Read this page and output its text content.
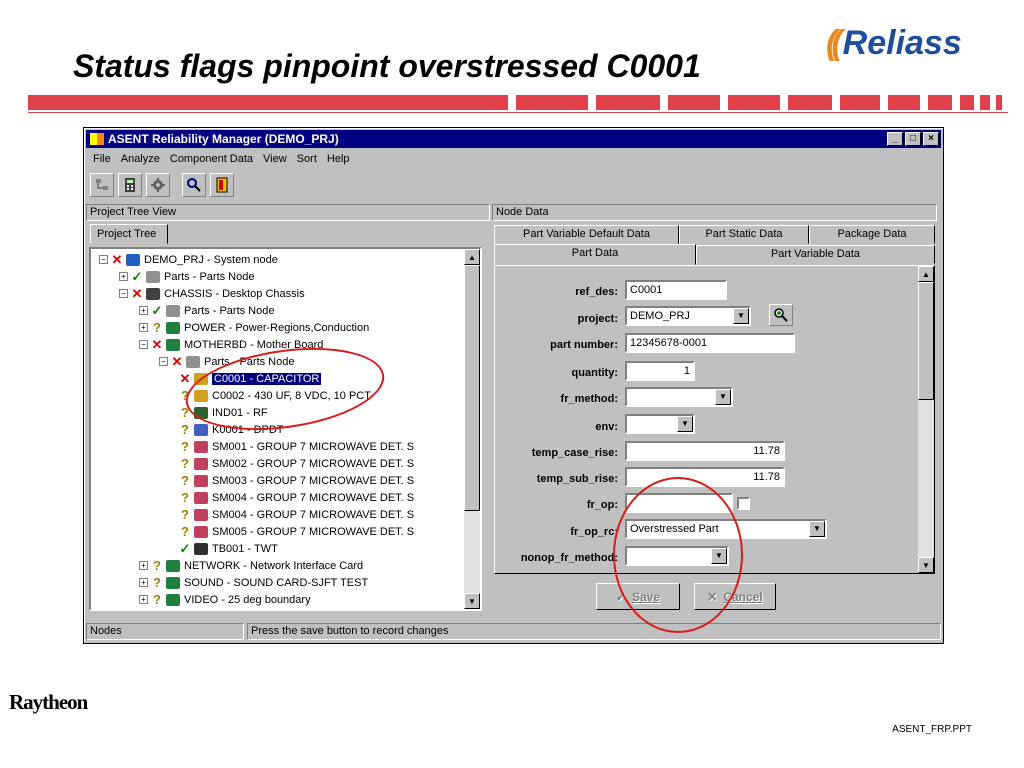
Status flags pinpoint overstressed C0001
(( Reliass
ASENT Reliability Manager (DEMO_PRJ)	_	□	×
File Analyze Component Data View Sort Help
Project Tree View	Node Data
Project Tree
− ✕ DEMO_PRJ - System node
+ ✓ Parts - Parts Node
− ✕ CHASSIS - Desktop Chassis
+ ✓ Parts - Parts Node
+ ? POWER - Power-Regions,Conduction
− ✕ MOTHERBD - Mother Board
− ✕ Parts - Parts Node
✕ C0001 - CAPACITOR
? C0002 - 430 UF, 8 VDC, 10 PCT
? IND01 - RF
? K0001 - DPDT
? SM001 - GROUP 7 MICROWAVE DET. S
? SM002 - GROUP 7 MICROWAVE DET. S
? SM003 - GROUP 7 MICROWAVE DET. S
? SM004 - GROUP 7 MICROWAVE DET. S
? SM004 - GROUP 7 MICROWAVE DET. S
? SM005 - GROUP 7 MICROWAVE DET. S
✓ TB001 - TWT
+ ? NETWORK - Network Interface Card
+ ? SOUND - SOUND CARD-SJFT TEST
+ ? VIDEO - 25 deg boundary
▲
▼
Part Variable Default Data	Part Static Data	Package Data
Part Data	Part Variable Data
ref_des:	C0001
project:	DEMO_PRJ	▼
part number:	12345678-0001
quantity:	1
fr_method:	▼
env:	▼
temp_case_rise:	11.78
temp_sub_rise:	11.78
fr_op:
fr_op_rc:	Overstressed Part	▼
nonop_fr_method:	▼
▲
▼
✓ Save	✕ Cancel
Nodes	Press the save button to record changes
Raytheon
ASENT_FRP.PPT
